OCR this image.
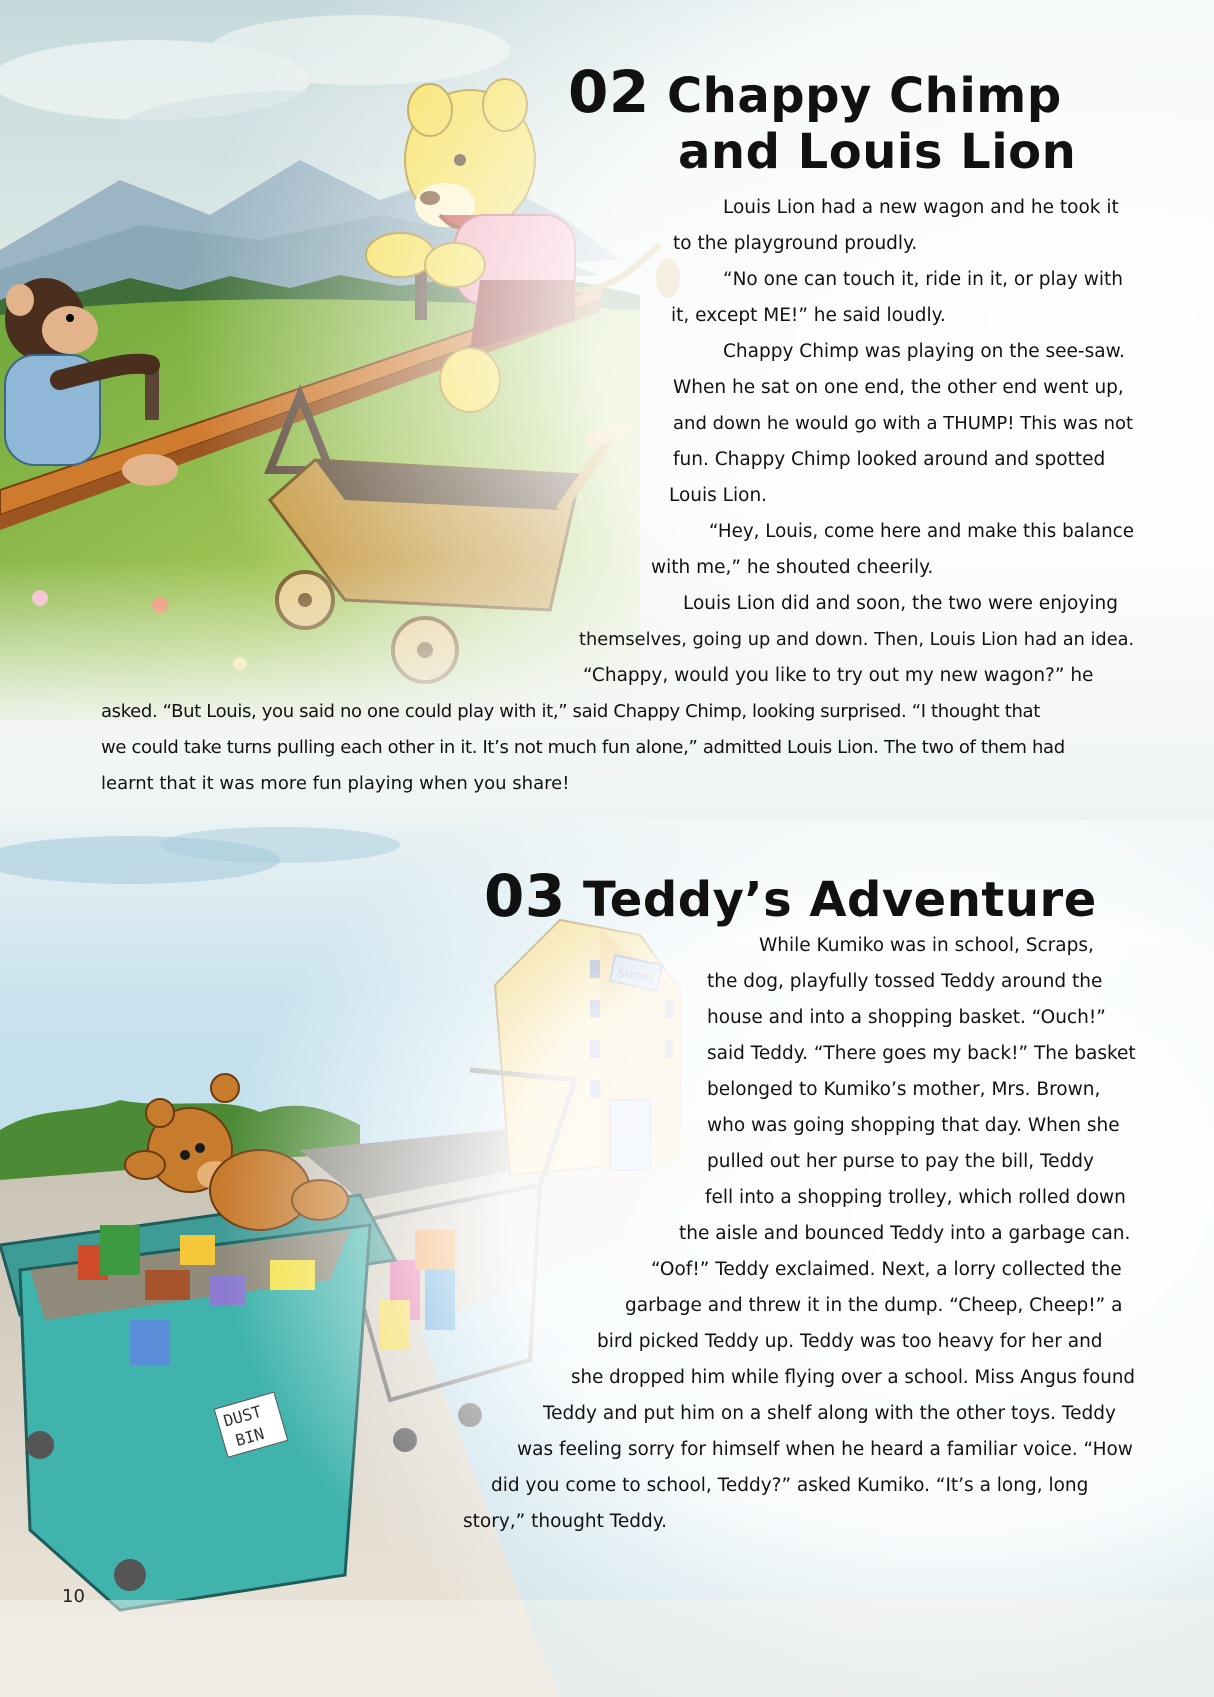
02 Chappy Chimp
and Louis Lion
Louis Lion had a new wagon and he took it
to the playground proudly.
“No one can touch it, ride in it, or play with
it, except ME!” he said loudly.
Chappy Chimp was playing on the see-saw.
When he sat on one end, the other end went up,
and down he would go with a THUMP! This was not
fun. Chappy Chimp looked around and spotted
Louis Lion.
“Hey, Louis, come here and make this balance
with me,” he shouted cheerily.
Louis Lion did and soon, the two were enjoying
themselves, going up and down. Then, Louis Lion had an idea.
“Chappy, would you like to try out my new wagon?” he
asked. “But Louis, you said no one could play with it,” said Chappy Chimp, looking surprised. “I thought that
we could take turns pulling each other in it. It’s not much fun alone,” admitted Louis Lion. The two of them had
learnt that it was more fun playing when you share!
03 Teddy’s Adventure
While Kumiko was in school, Scraps,
the dog, playfully tossed Teddy around the
house and into a shopping basket. “Ouch!”
said Teddy. “There goes my back!” The basket
belonged to Kumiko’s mother, Mrs. Brown,
who was going shopping that day. When she
pulled out her purse to pay the bill, Teddy
fell into a shopping trolley, which rolled down
the aisle and bounced Teddy into a garbage can.
“Oof!” Teddy exclaimed. Next, a lorry collected the
garbage and threw it in the dump. “Cheep, Cheep!” a
bird picked Teddy up. Teddy was too heavy for her and
she dropped him while flying over a school. Miss Angus found
Teddy and put him on a shelf along with the other toys. Teddy
was feeling sorry for himself when he heard a familiar voice. “How
did you come to school, Teddy?” asked Kumiko. “It’s a long, long
story,” thought Teddy.
10
